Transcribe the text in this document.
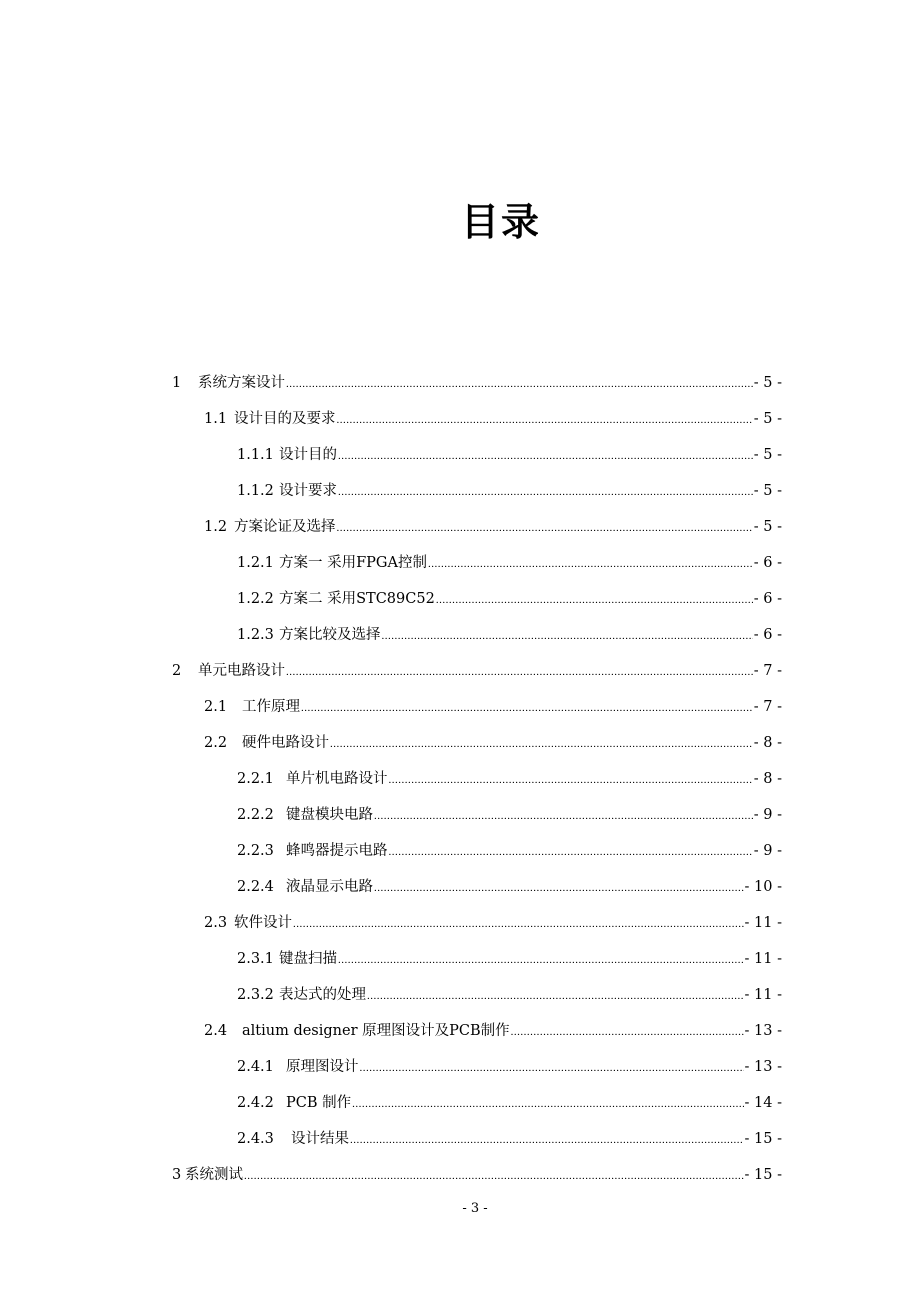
目录
1	系统方案设计 .....	- 5 -
1.1 设计目的及要求 .....	- 5 -
1.1.1 设计目的 .....	- 5 -
1.1.2 设计要求 .....	- 5 -
1.2 方案论证及选择 .....	- 5 -
1.2.1 方案一 采用FPGA控制 .....	- 6 -
1.2.2 方案二 采用STC89C52 .....	- 6 -
1.2.3 方案比较及选择 .....	- 6 -
2	单元电路设计 .....	- 7 -
2.1	工作原理 .....	- 7 -
2.2	硬件电路设计 .....	- 8 -
2.2.1 单片机电路设计 .....	- 8 -
2.2.2 键盘模块电路 .....	- 9 -
2.2.3 蜂鸣器提示电路 .....	- 9 -
2.2.4 液晶显示电路 .....	- 10 -
2.3 软件设计 .....	- 11 -
2.3.1 键盘扫描 .....	- 11 -
2.3.2 表达式的处理 .....	- 11 -
2.4	altium designer 原理图设计及PCB制作 .....	- 13 -
2.4.1 原理图设计 .....	- 13 -
2.4.2 PCB 制作 .....	- 14 -
2.4.3	设计结果 .....	- 15 -
3 系统测试 .....	- 15 -
- 3 -
